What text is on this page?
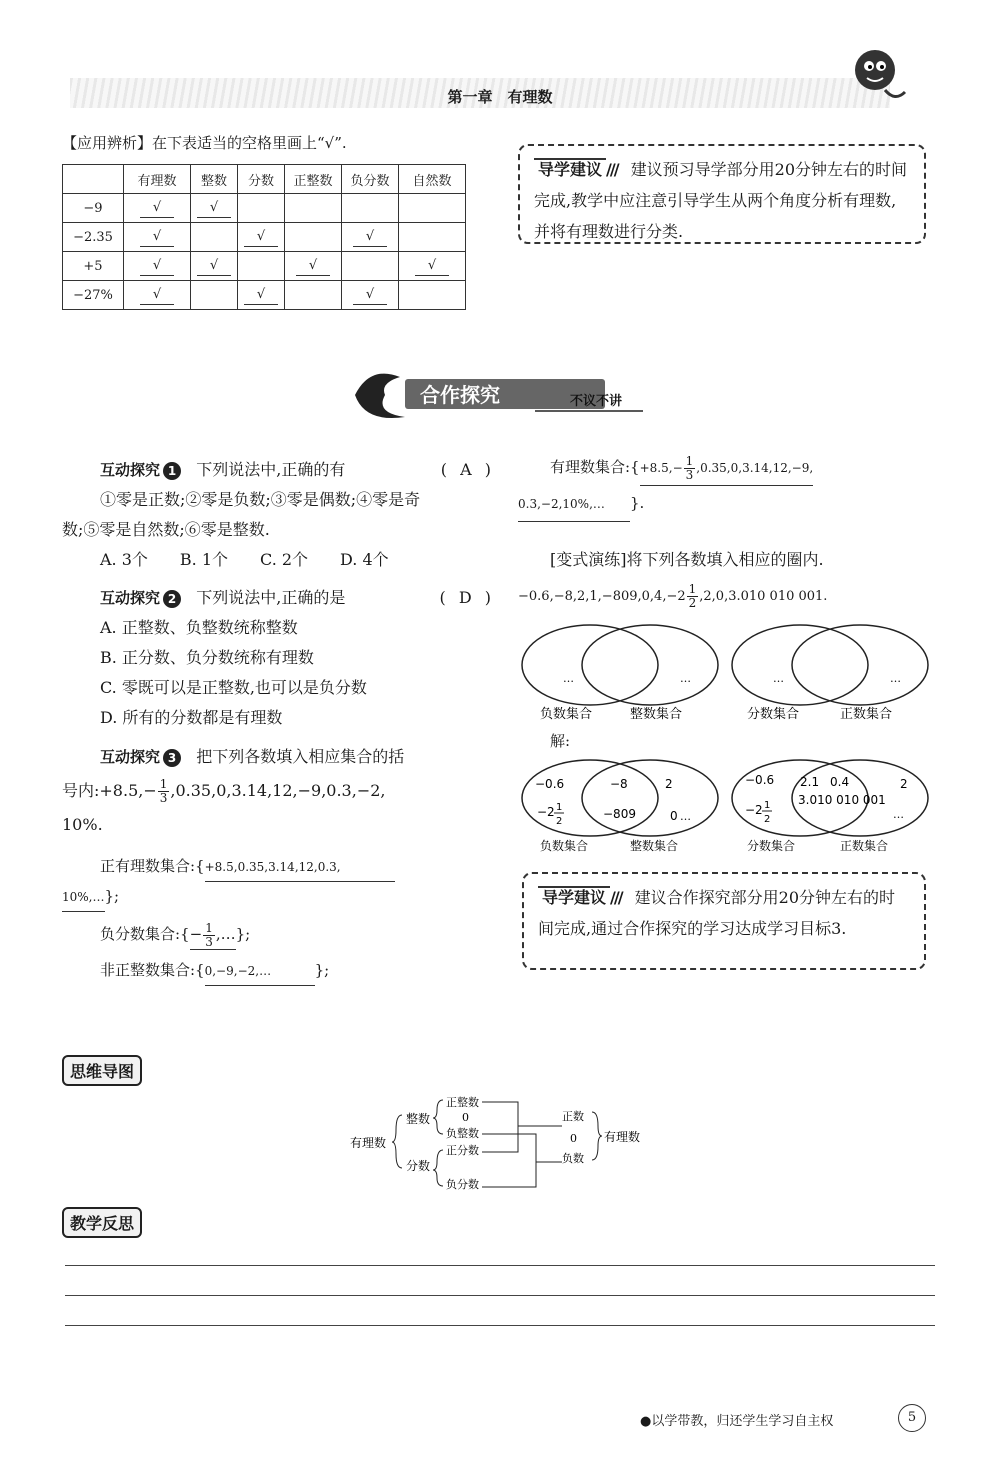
第一章　有理数
【应用辨析】在下表适当的空格里画上“√”.
	有理数	整数	分数	正整数	负分数	自然数
−9	√	√				
−2.35	√		√		√	
+5	√	√		√		√
−27%	√		√		√	
导学建议 /// 建议预习导学部分用20分钟左右的时间完成,教学中应注意引导学生从两个角度分析有理数,并将有理数进行分类.
合作探究	不议不讲
互动探究 1 下列说法中,正确的有	( A )
①零是正数;②零是负数;③零是偶数;④零是奇
数;⑤零是自然数;⑥零是整数.
A. 3个　　B. 1个　　C. 2个　　D. 4个
互动探究 2 下列说法中,正确的是	( D )
A. 正整数、负整数统称整数
B. 正分数、负分数统称有理数
C. 零既可以是正整数,也可以是负分数
D. 所有的分数都是有理数
互动探究 3 把下列各数填入相应集合的括
号内:+8.5,− $\frac{1}{3} ,0.35,0,3.14,12,-9,0.3,-2$,
10%.
正有理数集合:{+8.5,0.35,3.14,12,0.3,
10%,…};
负分数集合:{− $\frac{1}{3}$ ,…};
非正整数集合:{0,−9,−2,…	};
有理数集合:{+8.5,− $\frac{1}{3} ,0.35,0,3.14,12,-9$,
0.3,−2,10%,… }.
[变式演练]将下列各数填入相应的圈内.
$-0.6,-8,2,1,-809,0,4,-2 \frac{1}{2} ,2,0,3.010$ 010 001.
…	…
负数集合	整数集合
…	…
分数集合	正数集合
解:
−0.6
−2 1
2
−8
−809
2
0 …
负数集合	整数集合
−0.6
−2 1
2
2.1 0.4
3.010 010 001
2
…
分数集合	正数集合
导学建议 /// 建议合作探究部分用20分钟左右的时间完成,通过合作探究的学习达成学习目标3.
思维导图
有理数
整数
分数
正整数
0
负整数
正分数
负分数
正数
0
负数
有理数
教学反思
●以学带教，归还学生学习自主权	5
